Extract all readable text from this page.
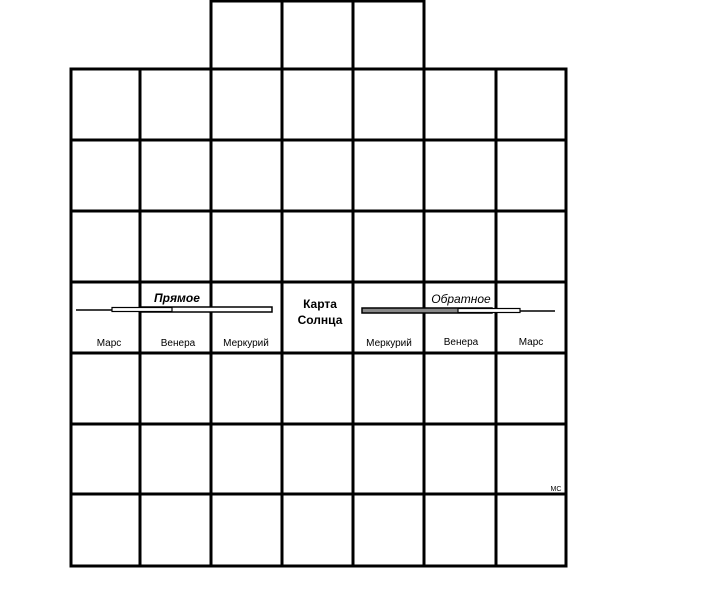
Карта
Солнца
Прямое	Обратное
Марс	Венера	Меркурий	Меркурий	Венера	Марс
МС
